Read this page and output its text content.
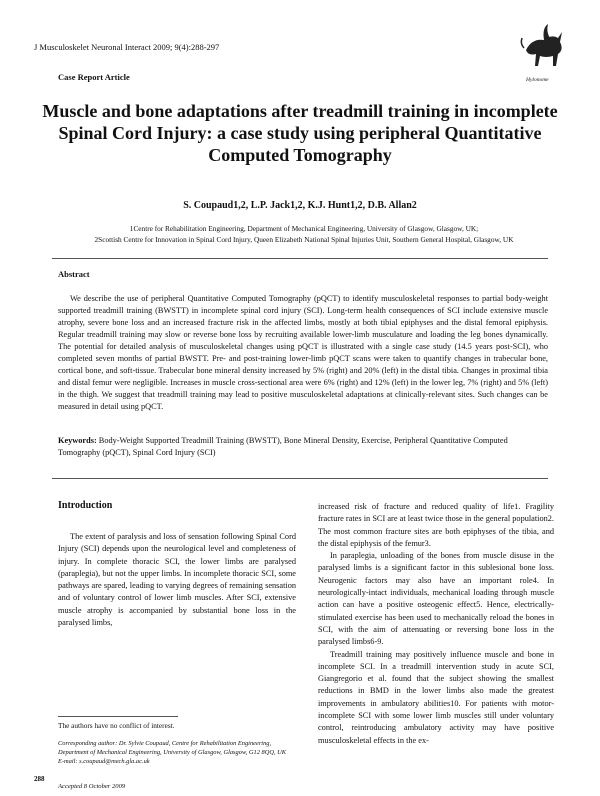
J Musculoskelet Neuronal Interact 2009; 9(4):288-297
Case Report Article	Hylonome
Muscle and bone adaptations after treadmill training in incomplete Spinal Cord Injury: a case study using peripheral Quantitative Computed Tomography
S. Coupaud1,2, L.P. Jack1,2, K.J. Hunt1,2, D.B. Allan2
1Centre for Rehabilitation Engineering, Department of Mechanical Engineering, University of Glasgow, Glasgow, UK;
2Scottish Centre for Innovation in Spinal Cord Injury, Queen Elizabeth National Spinal Injuries Unit, Southern General Hospital, Glasgow, UK
Abstract
We describe the use of peripheral Quantitative Computed Tomography (pQCT) to identify musculoskeletal responses to partial body-weight supported treadmill training (BWSTT) in incomplete spinal cord injury (SCI). Long-term health consequences of SCI include extensive muscle atrophy, severe bone loss and an increased fracture risk in the affected limbs, mostly at both tibial epiphyses and the distal femoral epiphysis. Regular treadmill training may slow or reverse bone loss by recruiting available lower-limb musculature and loading the leg bones dynamically. The potential for detailed analysis of musculoskeletal changes using pQCT is illustrated with a single case study (14.5 years post-SCI), who completed seven months of partial BWSTT. Pre- and post-training lower-limb pQCT scans were taken to quantify changes in trabecular bone, cortical bone, and soft-tissue. Trabecular bone mineral density increased by 5% (right) and 20% (left) in the distal tibia. Changes in proximal tibia and distal femur were negligible. Increases in muscle cross-sectional area were 6% (right) and 12% (left) in the lower leg, 7% (right) and 5% (left) in the thigh. We suggest that treadmill training may lead to positive musculoskeletal adaptations at clinically-relevant sites. Such changes can be measured in detail using pQCT.
Keywords: Body-Weight Supported Treadmill Training (BWSTT), Bone Mineral Density, Exercise, Peripheral Quantitative Computed Tomography (pQCT), Spinal Cord Injury (SCI)
Introduction
The extent of paralysis and loss of sensation following Spinal Cord Injury (SCI) depends upon the neurological level and completeness of injury. In complete thoracic SCI, the lower limbs are paralysed (paraplegia), but not the upper limbs. In incomplete thoracic SCI, some pathways are spared, leading to varying degrees of remaining sensation and of voluntary control of lower limb muscles. After SCI, extensive muscle atrophy is accompanied by substantial bone loss in the paralysed limbs,

increased risk of fracture and reduced quality of life1. Fragility fracture rates in SCI are at least twice those in the general population2. The most common fracture sites are both epiphyses of the tibia, and the distal epiphysis of the femur3.

In paraplegia, unloading of the bones from muscle disuse in the paralysed limbs is a significant factor in this sublesional bone loss. Neurogenic factors may also have an important role4. In neurologically-intact individuals, mechanical loading through muscle action can have a positive osteogenic effect5. Hence, electrically-stimulated exercise has been used to mechanically reload the bones in SCI, with the aim of attenuating or reversing bone loss in the paralysed limbs6-9.

Treadmill training may positively influence muscle and bone in incomplete SCI. In a treadmill intervention study in acute SCI, Giangregorio et al. found that the subject showing the smallest reductions in BMD in the lower limbs also made the greatest improvements in ambulatory abilities10. For patients with motor-incomplete SCI with some lower limb muscles still under voluntary control, reintroducing ambulatory activity may have positive musculoskeletal effects in the ex-

The authors have no conflict of interest.
Corresponding author: Dr. Sylvie Coupaud, Centre for Rehabilitation Engineering, Department of Mechanical Engineering, University of Glasgow, Glasgow, G12 8QQ, UK
E-mail: s.coupaud@mech.gla.ac.uk
Accepted 8 October 2009
288
